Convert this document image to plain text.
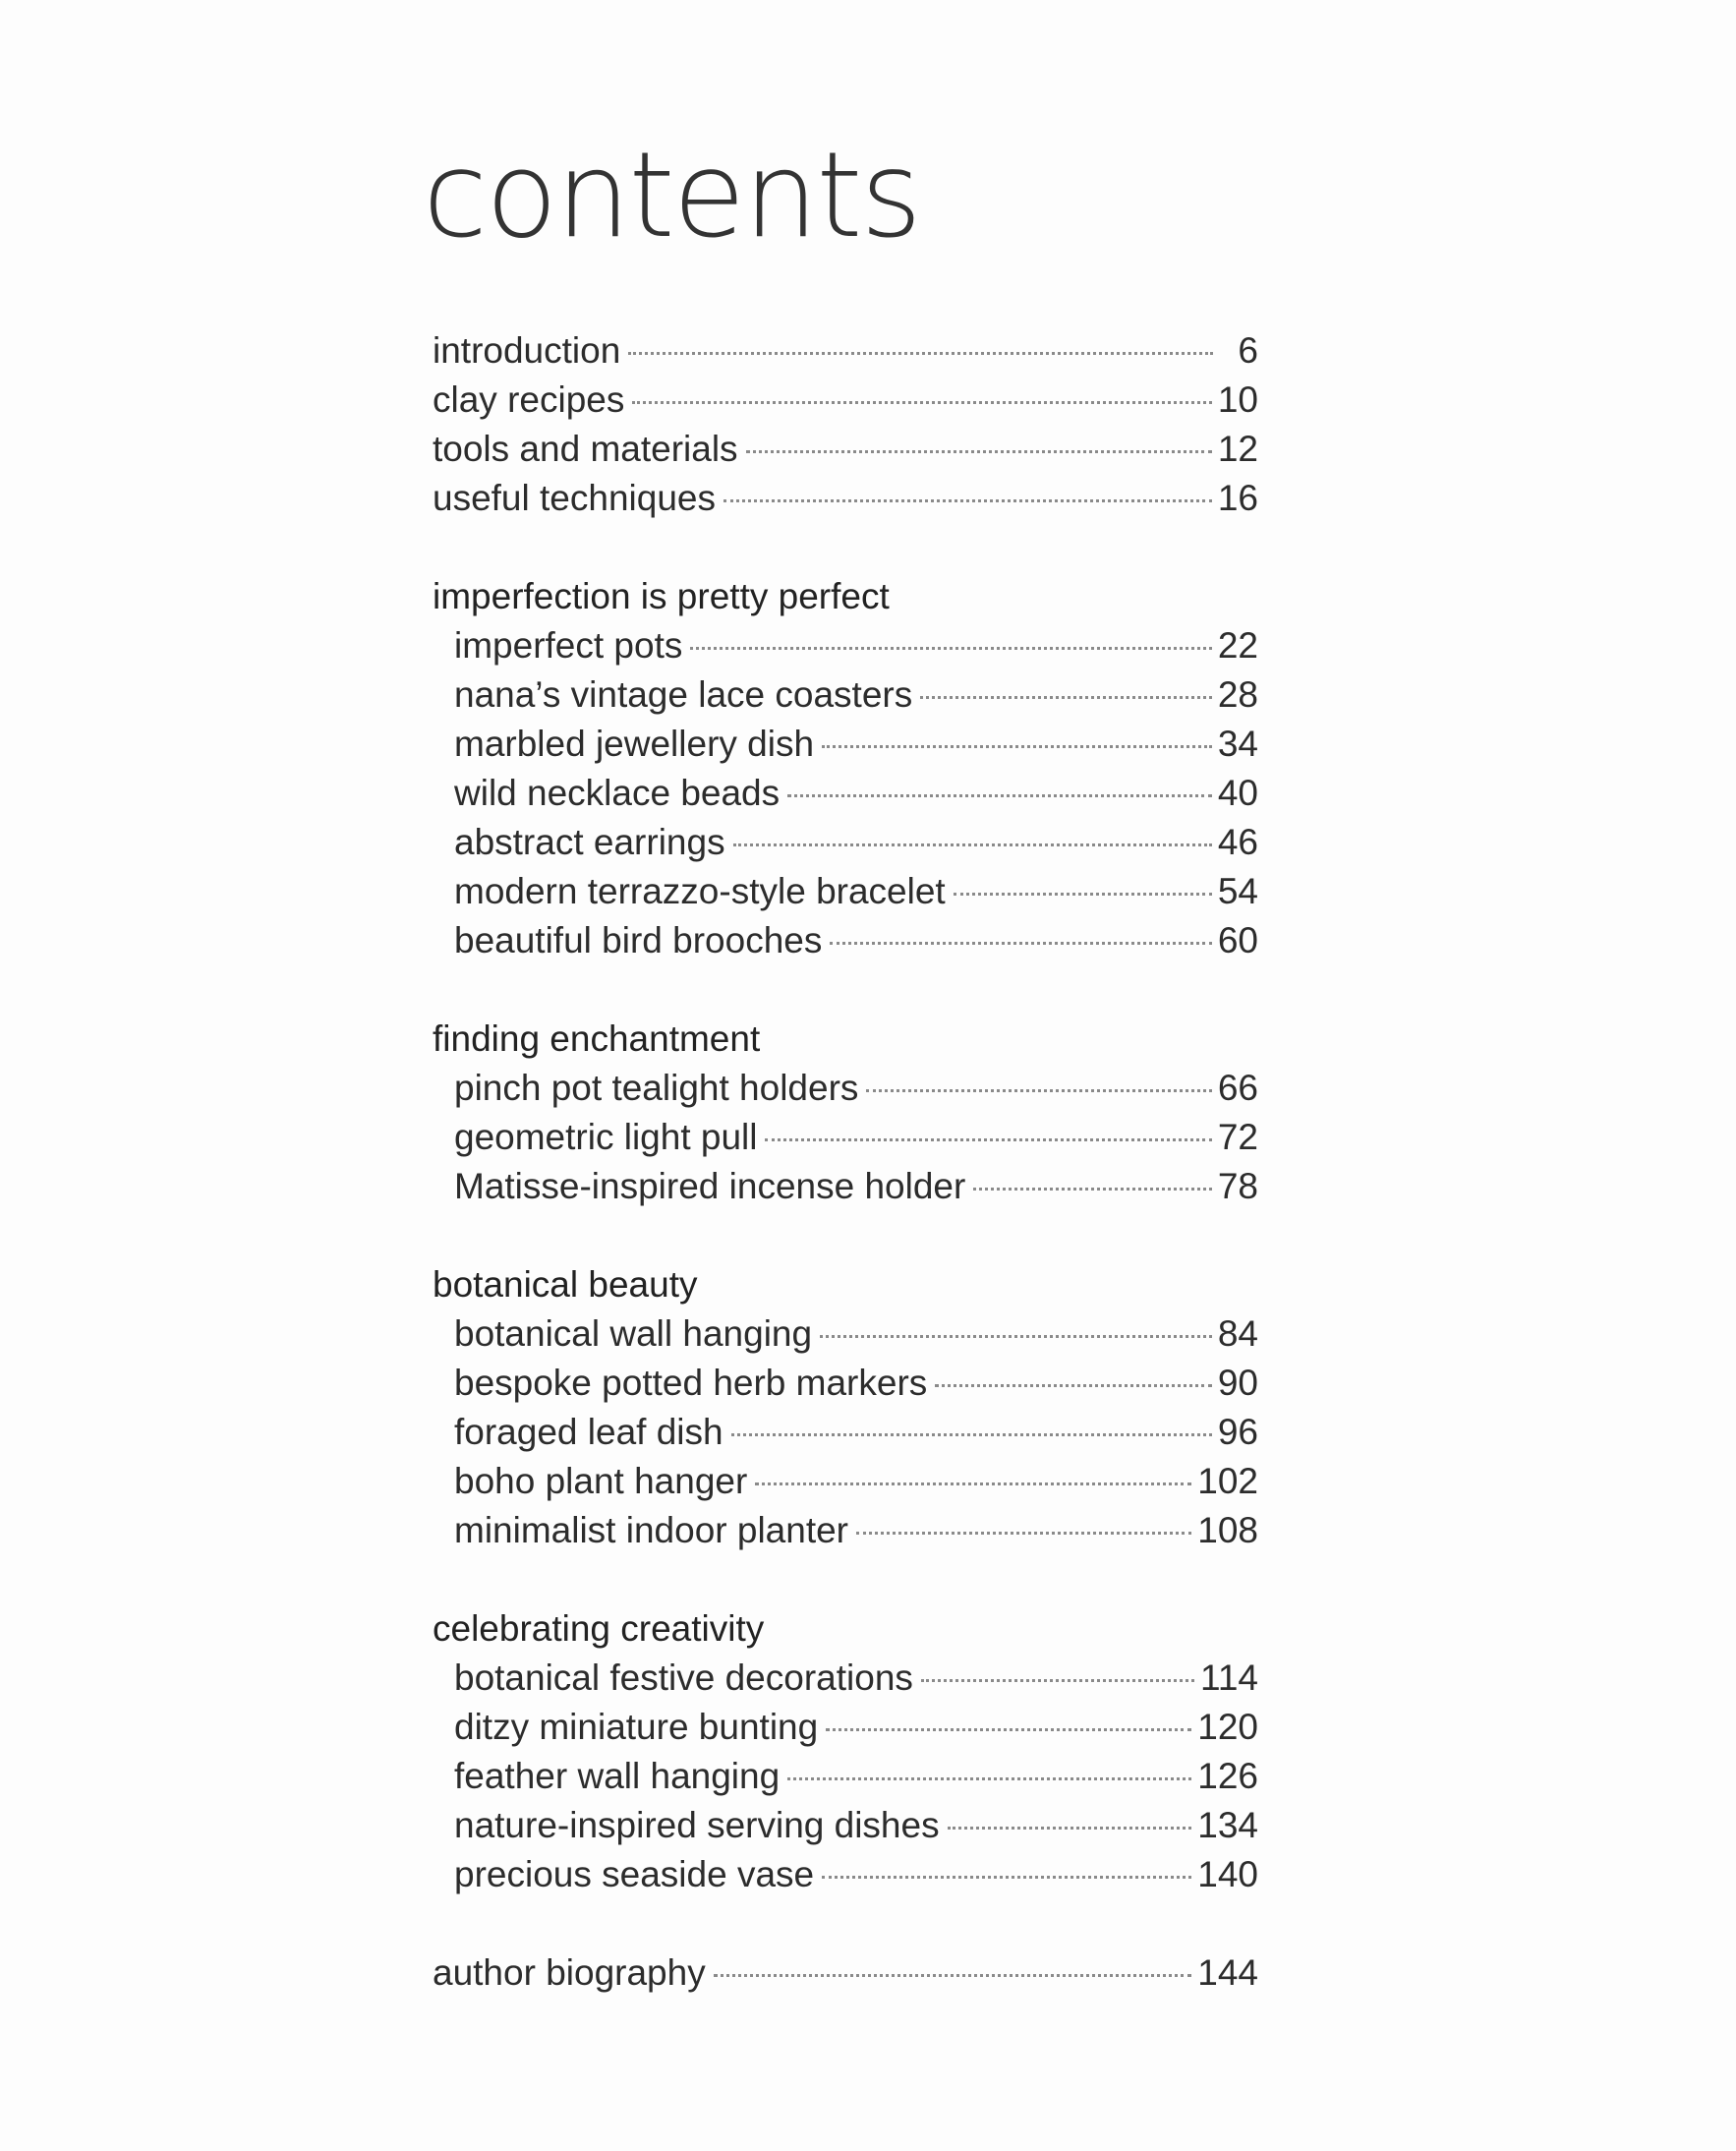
contents
introduction	6
clay recipes	10
tools and materials	12
useful techniques	16
imperfection is pretty perfect
imperfect pots	22
nana’s vintage lace coasters	28
marbled jewellery dish	34
wild necklace beads	40
abstract earrings	46
modern terrazzo-style bracelet	54
beautiful bird brooches	60
finding enchantment
pinch pot tealight holders	66
geometric light pull	72
Matisse-inspired incense holder	78
botanical beauty
botanical wall hanging	84
bespoke potted herb markers	90
foraged leaf dish	96
boho plant hanger	102
minimalist indoor planter	108
celebrating creativity
botanical festive decorations	114
ditzy miniature bunting	120
feather wall hanging	126
nature-inspired serving dishes	134
precious seaside vase	140
author biography	144
